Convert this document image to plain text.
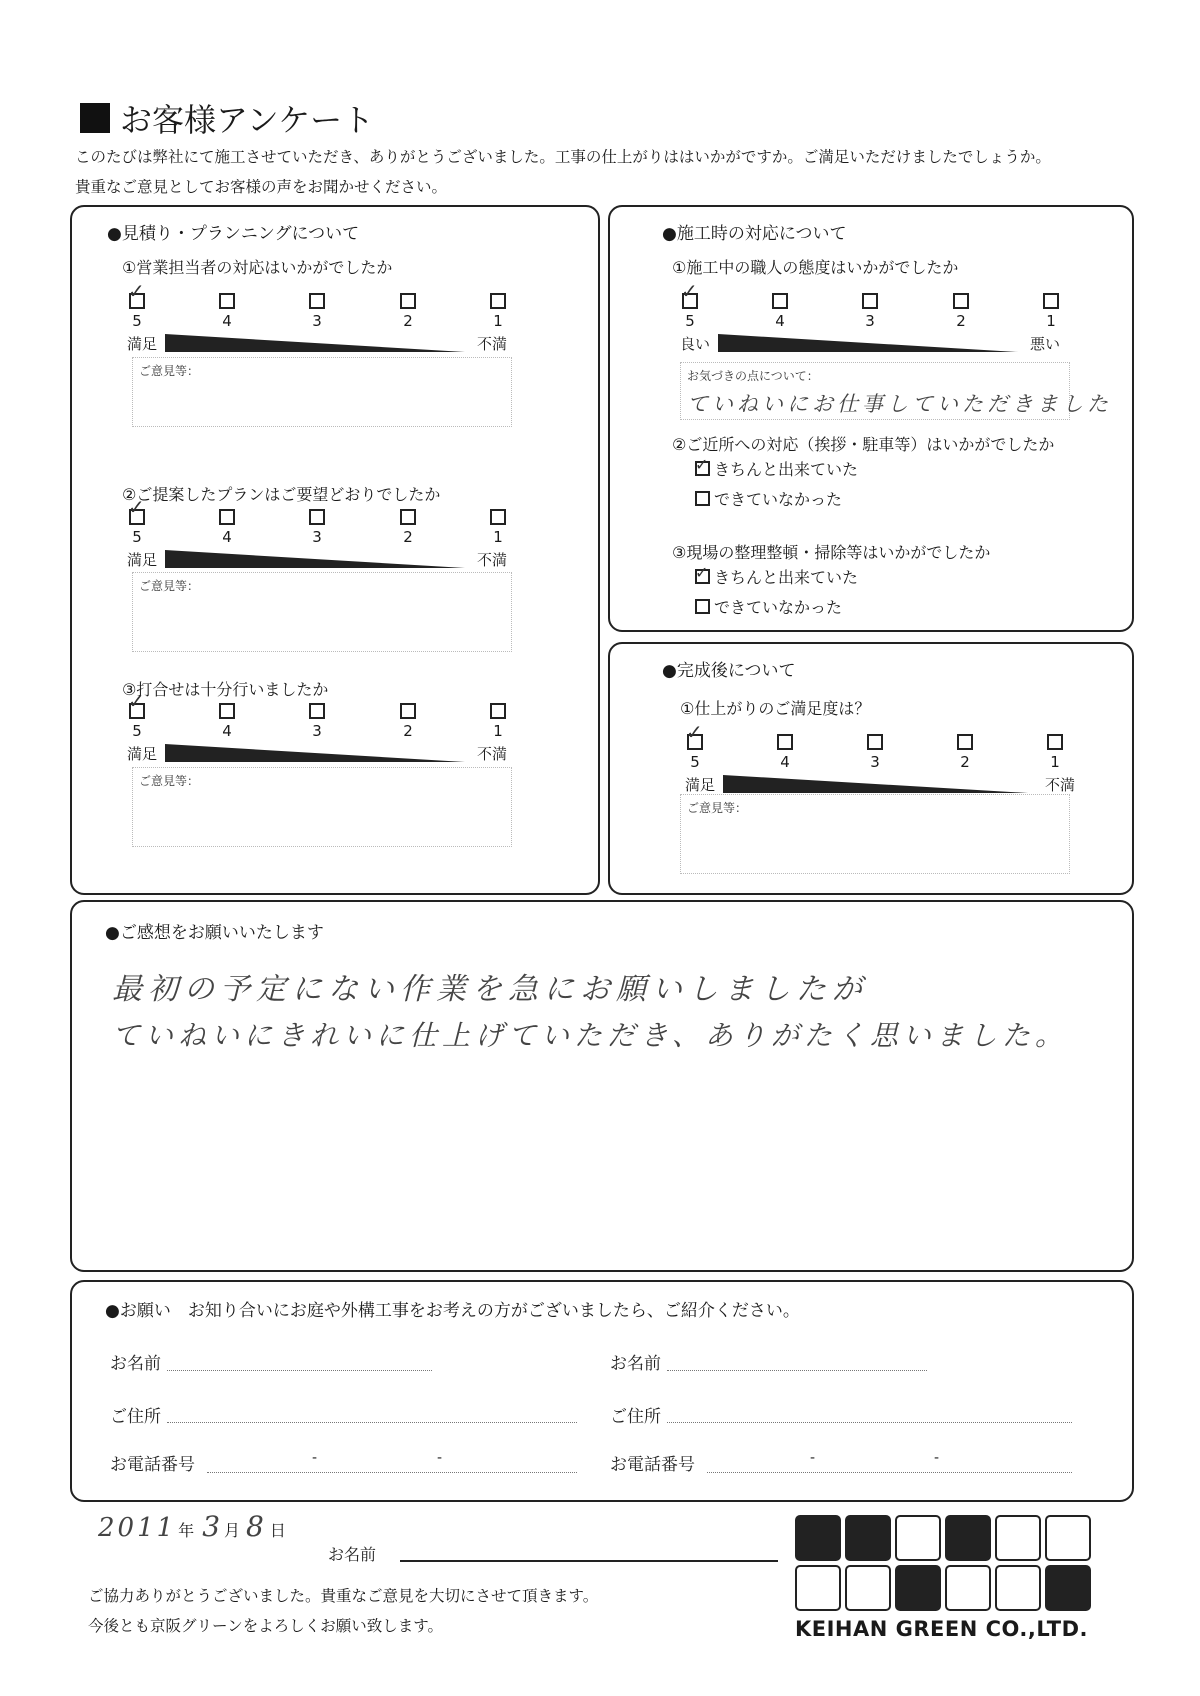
お客様アンケート
このたびは弊社にて施工させていただき、ありがとうございました。工事の仕上がりははいかがですか。ご満足いただけましたでしょうか。
貴重なご意見としてお客様の声をお聞かせください。
●見積り・プランニングについて
①営業担当者の対応はいかがでしたか
✓
5	4	3	2	1
満足	不満
ご意見等：
②ご提案したプランはご要望どおりでしたか
✓
5	4	3	2	1
満足	不満
ご意見等：
③打合せは十分行いましたか
✓
5	4	3	2	1
満足	不満
ご意見等：
●施工時の対応について
①施工中の職人の態度はいかがでしたか
✓
5	4	3	2	1
良い	悪い
お気づきの点について：
ていねいにお仕事していただきました
②ご近所への対応（挨拶・駐車等）はいかがでしたか
✓
きちんと出来ていた
できていなかった
③現場の整理整頓・掃除等はいかがでしたか
✓
きちんと出来ていた
できていなかった
●完成後について
①仕上がりのご満足度は？
✓
5	4	3	2	1
満足	不満
ご意見等：
●ご感想をお願いいたします
最初の予定にない作業を急にお願いしましたが
ていねいにきれいに仕上げていただき、ありがたく思いました。
●お願い　お知り合いにお庭や外構工事をお考えの方がございましたら、ご紹介ください。
お名前
ご住所
お電話番号	-	-
お名前
ご住所
お電話番号	-	-
2011 年 3 月 8 日
お名前
ご協力ありがとうございました。貴重なご意見を大切にさせて頂きます。
今後とも京阪グリーンをよろしくお願い致します。	KEIHAN GREEN CO.,LTD.
